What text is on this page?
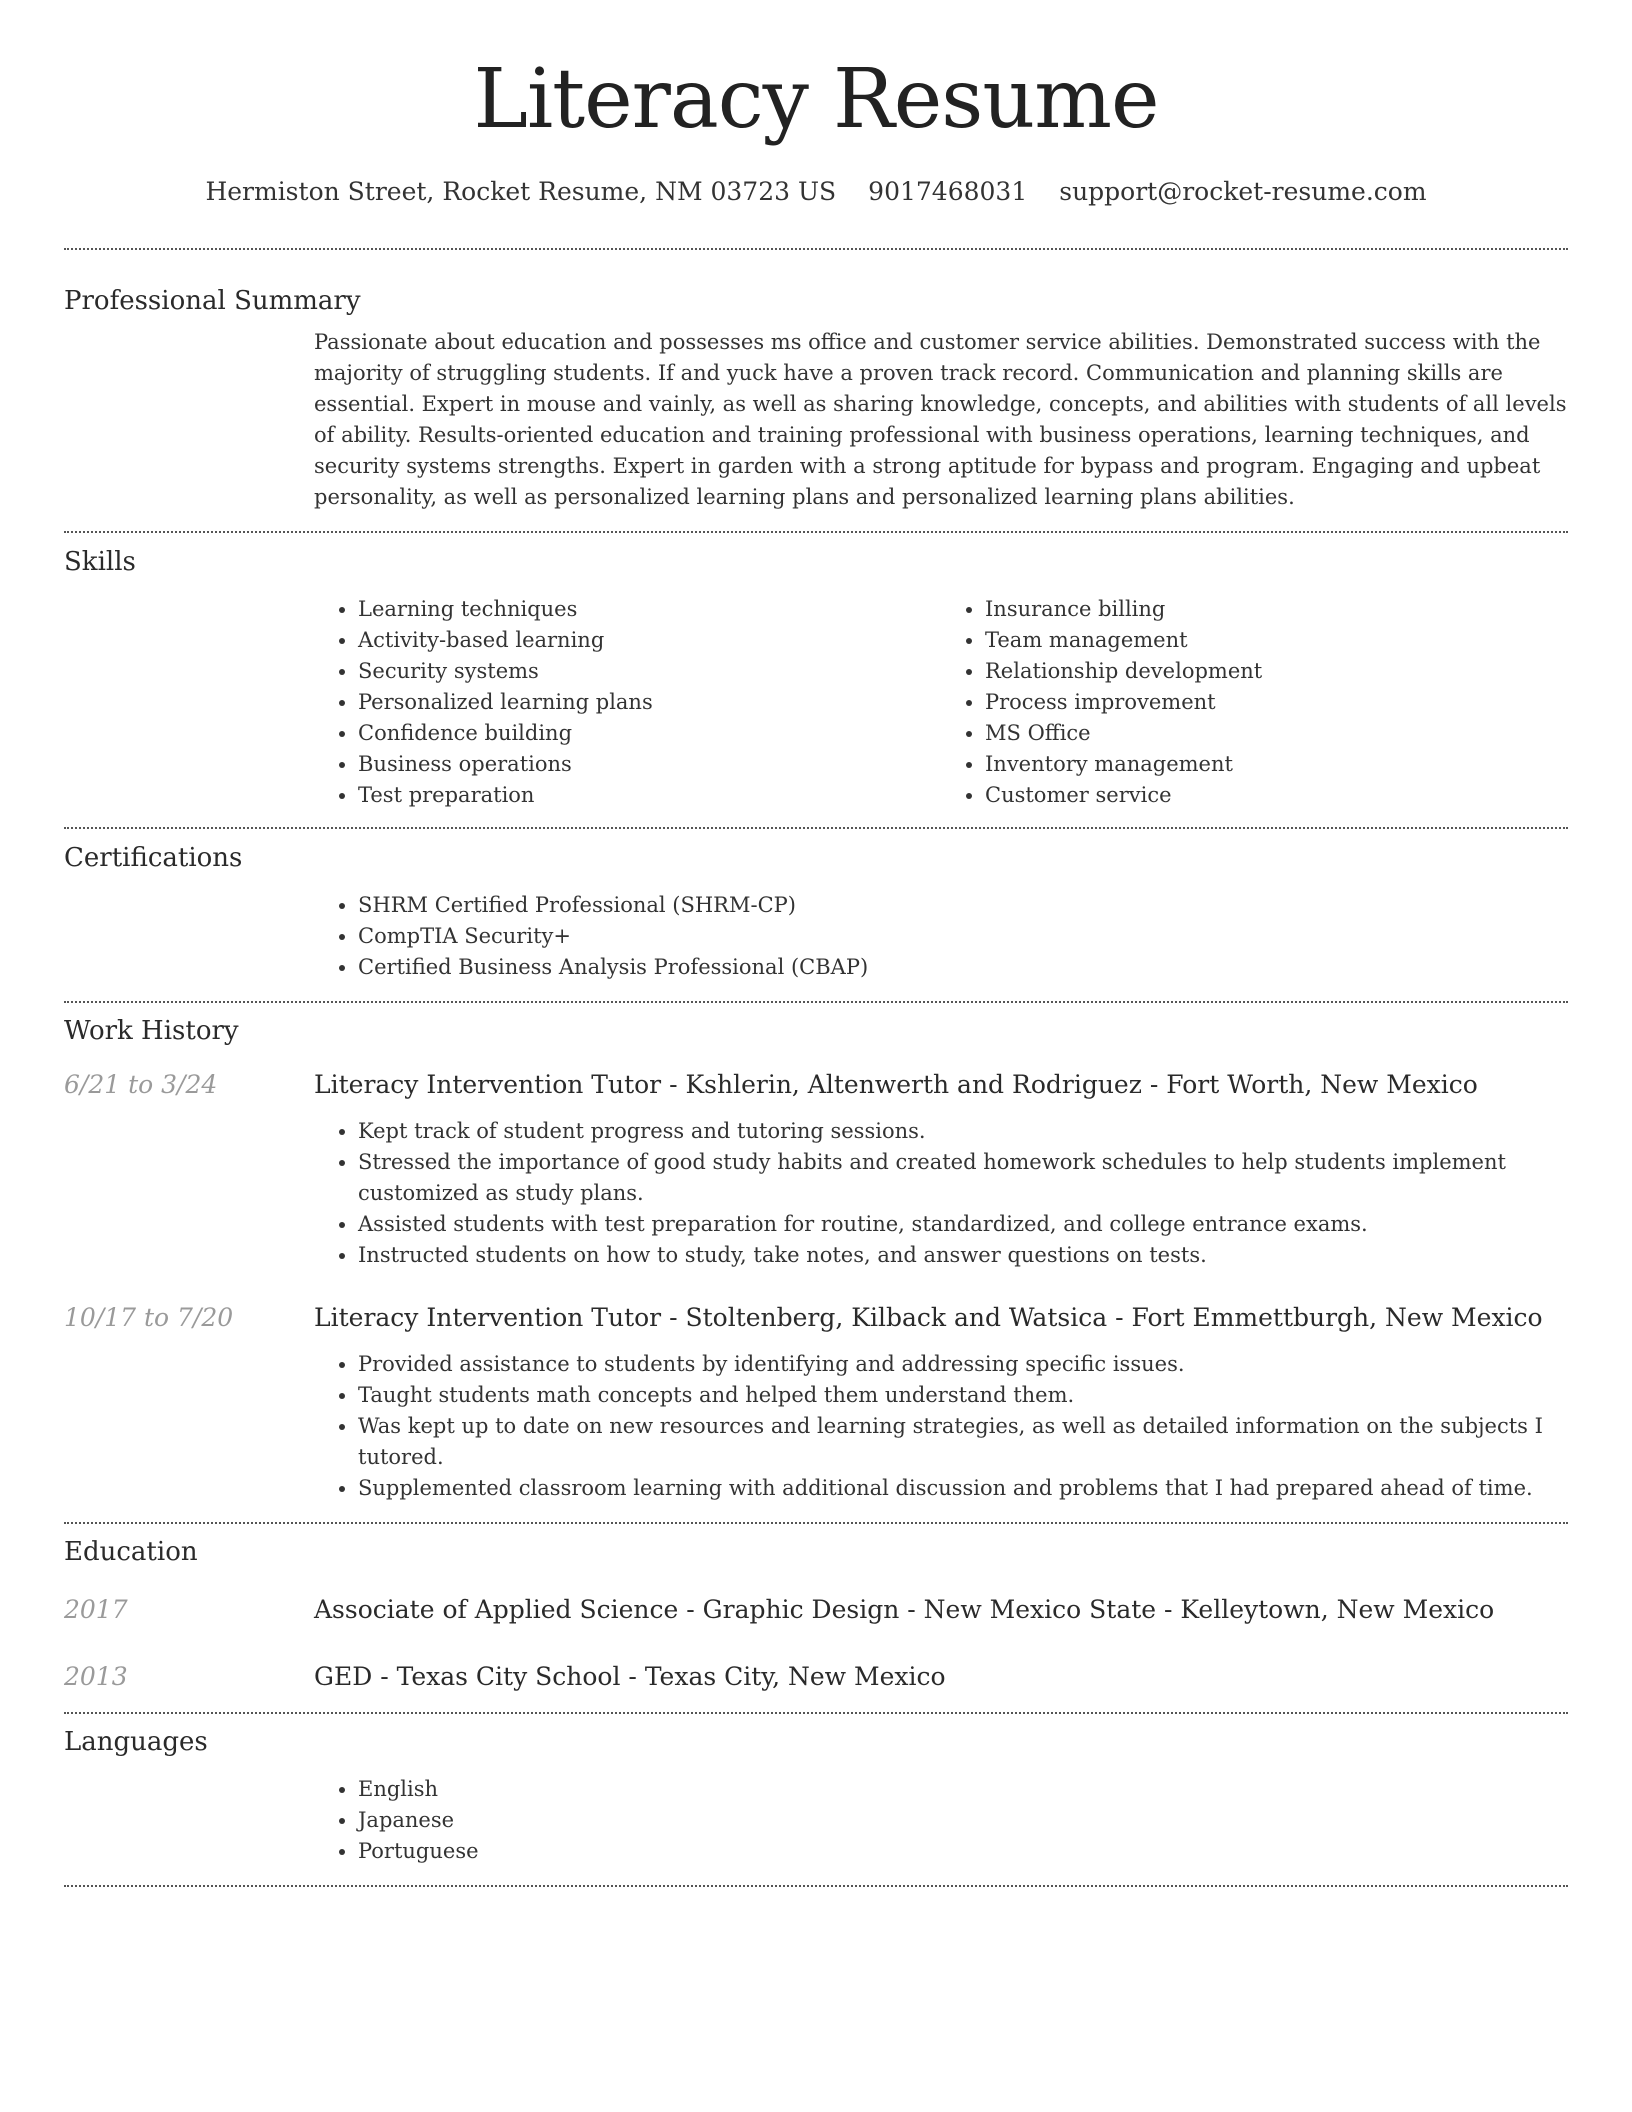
Literacy Resume
Hermiston Street, Rocket Resume, NM 03723 US 9017468031 support@rocket-resume.com
Professional Summary
Passionate about education and possesses ms office and customer service abilities. Demonstrated success with the majority of struggling students. If and yuck have a proven track record. Communication and planning skills are essential. Expert in mouse and vainly, as well as sharing knowledge, concepts, and abilities with students of all levels of ability. Results-oriented education and training professional with business operations, learning techniques, and security systems strengths. Expert in garden with a strong aptitude for bypass and program. Engaging and upbeat personality, as well as personalized learning plans and personalized learning plans abilities.
Skills
• Learning techniques
• Activity-based learning
• Security systems
• Personalized learning plans
• Confidence building
• Business operations
• Test preparation
• Insurance billing
• Team management
• Relationship development
• Process improvement
• MS Office
• Inventory management
• Customer service
Certifications
• SHRM Certified Professional (SHRM-CP)
• CompTIA Security+
• Certified Business Analysis Professional (CBAP)
Work History
6/21 to 3/24	Literacy Intervention Tutor - Kshlerin, Altenwerth and Rodriguez - Fort Worth, New Mexico
• Kept track of student progress and tutoring sessions.
• Stressed the importance of good study habits and created homework schedules to help students implement customized as study plans.
• Assisted students with test preparation for routine, standardized, and college entrance exams.
• Instructed students on how to study, take notes, and answer questions on tests.
10/17 to 7/20	Literacy Intervention Tutor - Stoltenberg, Kilback and Watsica - Fort Emmettburgh, New Mexico
• Provided assistance to students by identifying and addressing specific issues.
• Taught students math concepts and helped them understand them.
• Was kept up to date on new resources and learning strategies, as well as detailed information on the subjects I tutored.
• Supplemented classroom learning with additional discussion and problems that I had prepared ahead of time.
Education
2017	Associate of Applied Science - Graphic Design - New Mexico State - Kelleytown, New Mexico
2013	GED - Texas City School - Texas City, New Mexico
Languages
• English
• Japanese
• Portuguese
